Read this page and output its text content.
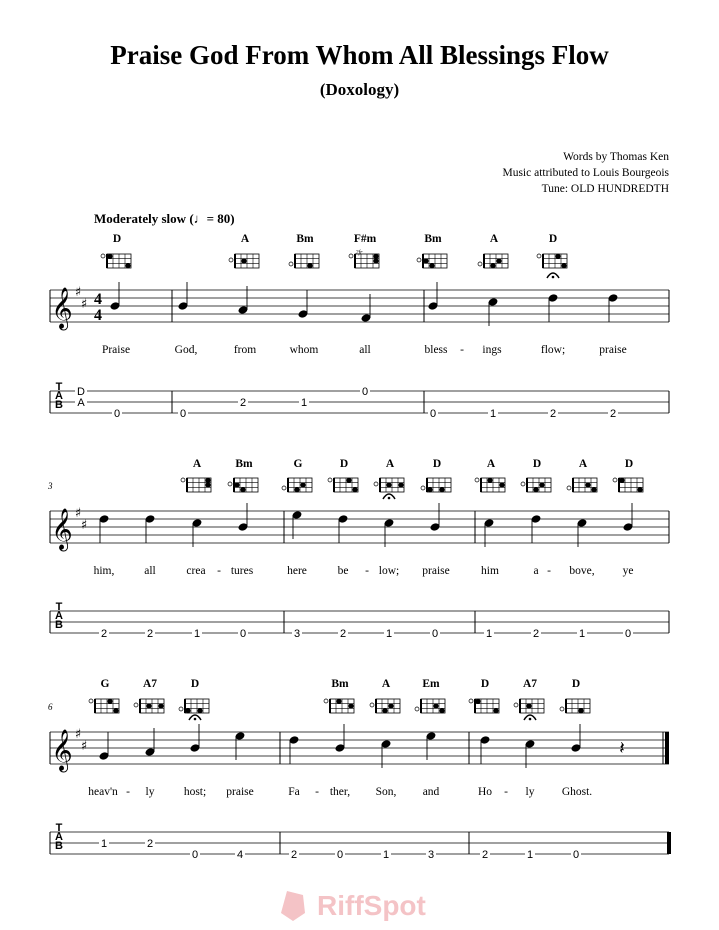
Praise God From Whom All Blessings Flow
(Doxology)
Words by Thomas Ken
Music attributed to Louis Bourgeois
Tune: OLD HUNDREDTH
Moderately slow (♩= 80)
D
A
D	A	Bm	F#m
2fr
Bm	A	D
𝄞 ♯
♯ 4
4
Praise	God,	from	whom	all	bless - ings	flow;	praise
T
A
B
0	0
2	1
0
0	1	2	2
3
A	Bm	G	D	A	D	A	D	A	D
𝄞 ♯
♯
him,	all	crea - tures	here	be - low; praise	him	a - bove, ye
T
A
B
2	2	1	0	3	2	1	0	1	2	1	0
6
G	A7	D	Bm	A	Em	D	A7	D
𝄞 ♯
♯	𝄽
heav'n - ly	host; praise	Fa - ther, Son, and	Ho - ly Ghost.
T
A
B	1	2
0	4	2	0	1	3	2	1	0
RiffSpot
